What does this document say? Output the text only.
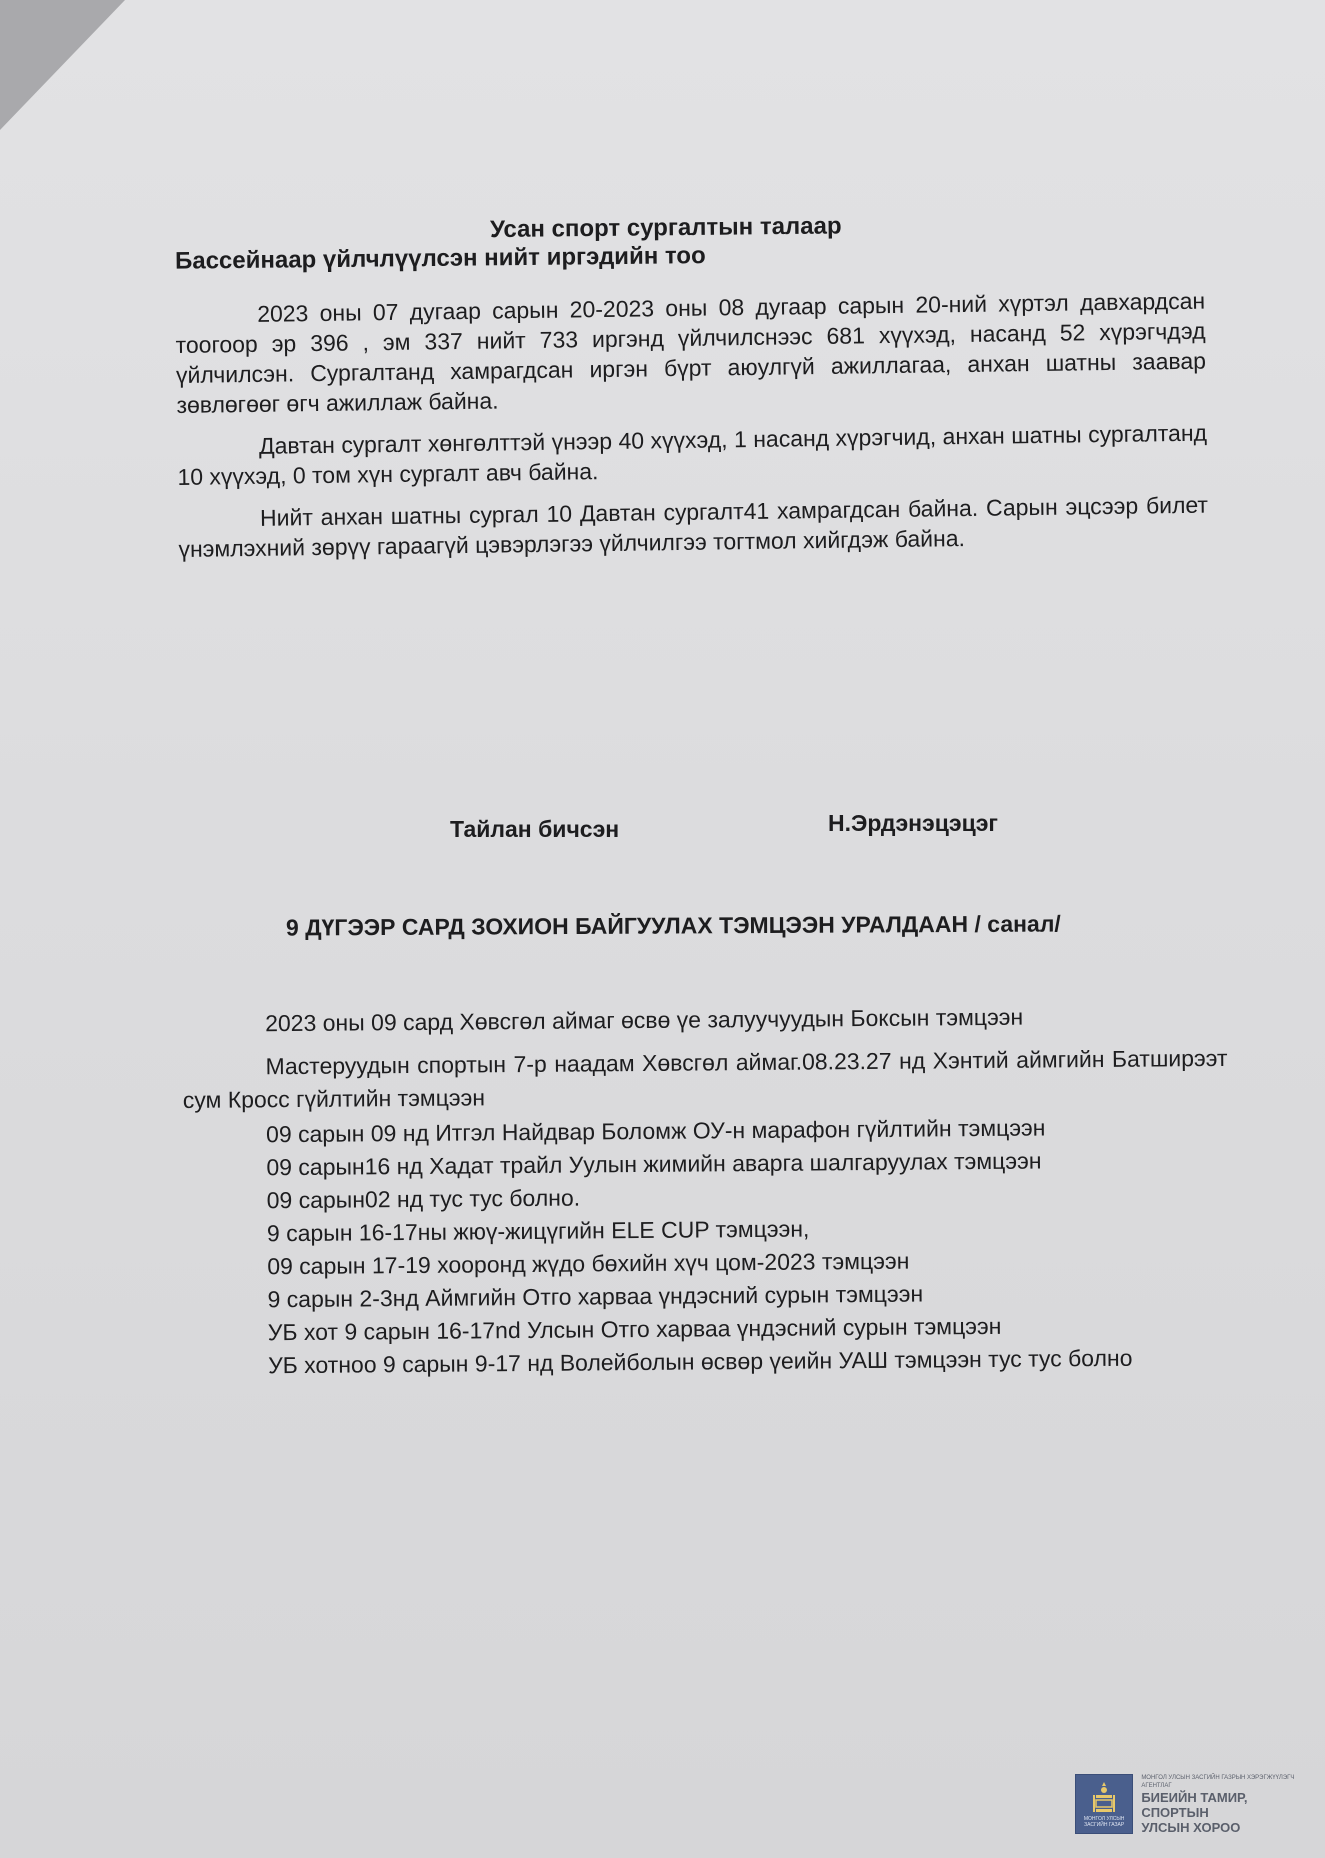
Усан спорт сургалтын талаар
Бассейнаар үйлчлүүлсэн нийт иргэдийн тоо

2023 оны 07 дугаар сарын 20-2023 оны 08 дугаар сарын 20-ний хүртэл давхардсан тоогоор эр 396 , эм 337 нийт 733 иргэнд үйлчилснээс 681 хүүхэд, насанд 52 хүрэгчдэд үйлчилсэн. Сургалтанд хамрагдсан иргэн бүрт аюулгүй ажиллагаа, анхан шатны заавар зөвлөгөөг өгч ажиллаж байна.

Давтан сургалт хөнгөлттэй үнээр 40 хүүхэд, 1 насанд хүрэгчид, анхан шатны сургалтанд 10 хүүхэд, 0 том хүн сургалт авч байна.

Нийт анхан шатны сургал 10 Давтан сургалт41 хамрагдсан байна. Сарын эцсээр билет үнэмлэхний зөрүү гараагүй цэвэрлэгээ үйлчилгээ тогтмол хийгдэж байна.

Тайлан бичсэн	Н.Эрдэнэцэцэг
9 ДҮГЭЭР САРД ЗОХИОН БАЙГУУЛАХ ТЭМЦЭЭН УРАЛДААН / санал/

2023 оны 09 сард Хөвсгөл аймаг өсвө үе залуучуудын Боксын тэмцээн

Мастеруудын спортын 7-р наадам Хөвсгөл аймаг.08.23.27 нд Хэнтий аймгийн Батширээт сум Кросс гүйлтийн тэмцээн

09 сарын 09 нд Итгэл Найдвар Боломж ОУ-н марафон гүйлтийн тэмцээн

09 сарын16 нд Хадат трайл Уулын жимийн аварга шалгаруулах тэмцээн

09 сарын02 нд тус тус болно.

9 сарын 16-17ны жюү-жицүгийн ELE CUP тэмцээн,

09 сарын 17-19 хооронд жүдо бөхийн хүч цом-2023 тэмцээн

9 сарын 2-3нд Аймгийн Отго харваа үндэсний сурын тэмцээн

УБ хот 9 сарын 16-17nd Улсын Отго харваа үндэсний сурын тэмцээн

УБ хотноо 9 сарын 9-17 нд Волейболын өсвөр үеийн УАШ тэмцээн тус тус болно

МОНГОЛ УЛСЫН ЗАСГИЙН ГАЗАР
МОНГОЛ УЛСЫН ЗАСГИЙН ГАЗРЫН ХЭРЭГЖҮҮЛЭГЧ АГЕНТЛАГ
БИЕИЙН ТАМИР, СПОРТЫН
УЛСЫН ХОРОО
